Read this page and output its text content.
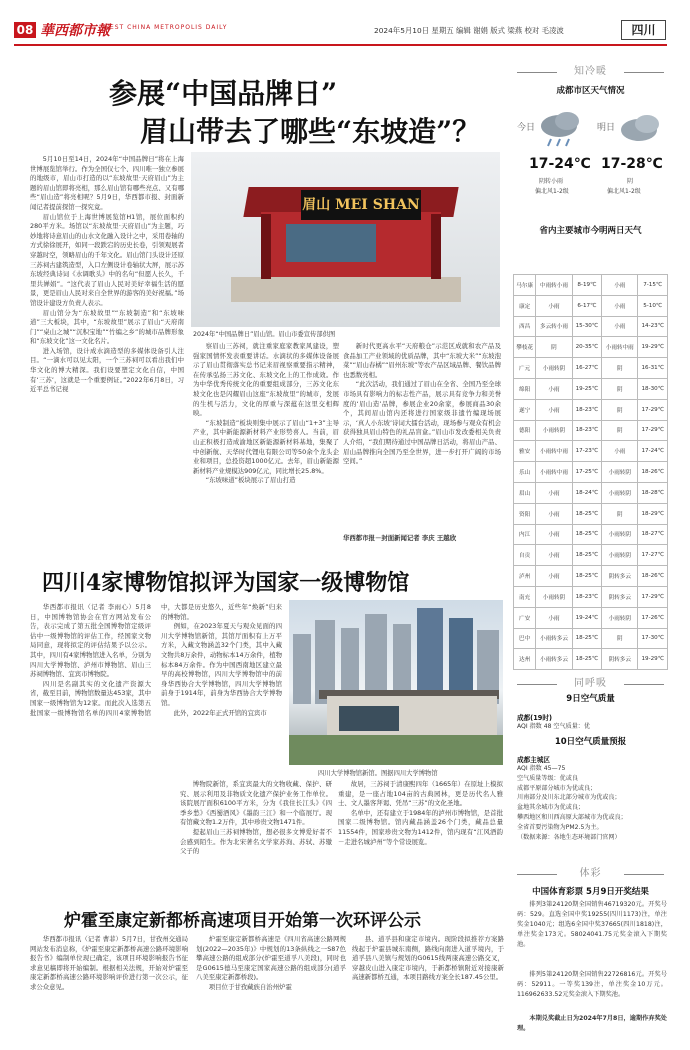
08 華西都市報
WEST CHINA METROPOLIS DAILY	2024年5月10日 星期五 编辑 谢娟 版式 梁燕 校对 毛凌波	四川
参展“中国品牌日”
眉山带去了哪些“东坡造”？

5月10日至14日，2024年“中国品牌日”将在上海世博展览馆举行。作为全国仅七个、四川唯一独立参展的地级市，眉山市打造的以“东坡故里·天府眉山”为主题的眉山馆即将亮相，那么眉山馆有哪些亮点、又有哪些“眉山造”将亮相呢？5月9日，华西都市报、封面新闻记者提前探馆一探究竟。

眉山馆位于上海世博展览馆H1馆，展位面积约280平方米。场馆以“东坡故里·天府眉山”为主题，巧妙地将诗意眉山的山水文化融入设计之中，采用卷轴的方式徐徐展开，如同一段跌宕的历史长卷，引领观展者穿越时空，领略眉山的千年文化。眉山馆门头设计还原三苏祠古建筑造型，入口左侧设计卷轴状大屏，展示苏东坡经典诗词《水调歌头》中的名句“但愿人长久，千里共婵娟”。“这代表了眉山人民对美好幸福生活的愿景，更是眉山人民对来自全世界的游客的美好祝福。”场馆设计建设方负责人表示。

眉山馆分为“东坡故里”“东坡制造”和“东坡味道”三大板块，其中，“东坡故里”展示了眉山“天府南门”“桌山之城”“沉积宝地”“竹编之乡”的城市品牌形象和“东坡文化”这一文化名片。

进入场馆，设计成水滴造型的多媒体设备引人注目。“一滴水可以见太阳，一个三苏祠可以看出我们中华文化的博大精深。我们设要塑定文化自信，中国有‘三苏’，这就是一个重要例证。”2022年6月8日，习近平总书记视

眉山 MEI SHAN
2024年“中国品牌日”眉山馆。眉山市委宣传部供图

察眉山三苏祠，就注重家庭家教家风建设，塑强家国情怀发表重要讲话。水滴状的多媒体设备展示了眉山贯彻落实总书记来眉视察重要指示精神，在传承弘扬三苏文化、东坡文化上的工作成效。作为中华优秀传统文化的重要组成部分，三苏文化东坡文化也是闪耀眉山这座“东坡故里”的城市，发展的生机与活力，文化的厚重与深蕴在这里交相辉映。

“东坡制造”板块则集中展示了眉山“1+3”主导产业，其中新能源新材料产业形势喜人。当前，眉山正积极打造成渝地区新能源新材料基地，集聚了中创新航、天华时代锂电有限公司等50余个龙头企业和项目，总投资超1000亿元。去年，眉山新能源新材料产业规模达909亿元，同比增长25.8%。

“东坡味道”板块展示了眉山打造

新时代更高水平“天府粮仓”示范区成就和农产品及食品加工产业领域的优质品牌，其中“东坡大米”“东坡泡菜”“眉山春橘”“眉州东坡”等农产品区域品牌、餐饮品牌也悉数亮相。

“此次活动，我们通过了眉山在全省、全国乃至全球市场具有影响力的标志性产品，展示具有竞争力和美誉度的‘眉山造’品牌，参展企业20余家，参展商品30余个，其间眉山馆内还将进行国家级非遗竹编现场展示，‘真人小东坡’诗词大擂台活动，现场参与观众有机会获得独具眉山特色的礼品盲盒。”眉山市发改委相关负责人介绍，“我们期待通过中国品牌日活动，将眉山产品、眉山品牌推向全国乃至全世界，进一步打开广阔的市场空间。”

华西都市报－封面新闻记者 李庆 王越欣
四川4家博物馆拟评为国家一级博物馆

华西都市报讯（记者 李雨心）5月8日，中国博物馆协会在官方网站发布公告，表示完成了第五批全国博物馆定级评估中一级博物馆的评估工作，经国家文物局同意，现将拟定的评估结果予以公示。其中，四川有4家博物馆进入名单，分别为四川大学博物馆、泸州市博物馆、眉山三苏祠博物馆、宜宾市博物院。

四川是名副其实的文化遗产资源大省，截至目前，博物馆数量达453家，其中国家一级博物馆为12家。而此次入选第五批国家一级博物馆名单的四川4家博物馆中，大都是历史悠久，近些年“焕新”归来的博物馆。

例如，在2023年夏天与观众见面的四川大学博物馆新馆，其馆厅面积有上万平方米，入藏文物涵盖32个门类，其中入藏文物共8万余件，动物标本14万余件，植物标本84万余件。作为中国西南地区建立最早的高校博物馆，四川大学博物馆中的前身华西协合大学博物馆，四川大学博物馆前身于1914年，前身为华西协合大学博物馆。

此外，2022年正式开馆的宜宾市

四川大学博物馆新馆。图据四川大学博物馆

博物院新馆，系宜宾最大的文物收藏、保护、研究、展示利用及非物质文化遗产保护业务工作单位。该院展厅面积6100平方米，分为《我住长江头》《四季乡愁》《西蜀酒风》《墨韵三江》和一个临展厅。现有馆藏文物1.2万件，其中珍贵文物1471件。

提起眉山三苏祠博物馆，想必很多文博爱好者不会感到陌生。作为北宋著名文学家苏洵、苏轼、苏辙父子的

故居，三苏祠于清康熙四年（1665年）在原址上模拟重建，是一座占地104亩的古典园林，更是历代名人雅士、文人墨客拜谒、凭吊“三苏”的文化圣地。

名单中，还有建立于1984年的泸州市博物馆，是首批国家二级博物馆。馆内藏品涵盖26个门类，藏品总量11554件，国家珍贵文物为1412件，馆内现有“江风酒韵－走进名城泸州”等个常设展览。

炉霍至康定新都桥高速项目开始第一次环评公示

华西都市报讯（记者 曹菲）5月7日，甘孜州交通局网站发布消息称，《炉霍至康定新都桥高速公路环境影响报告书》编制单位现已确定，该项目环境影响报告书征求意见稿即将开始编制。根据相关法规，开始对炉霍至康定新都桥高速公路环境影响评价进行第一次公示，征求公众意见。

炉霍至康定新都桥高速是《四川省高速公路网规划(2022—2035年)》中规划的13条纵线之一S87色攀高速公路的组成部分(炉霍至道孚八美段)，同时也是G0615德马至康定国家高速公路的组成部分(道孚八美至康定新都桥段)。

项目位于甘孜藏族自治州炉霍

县、道孚县和康定市境内。现阶段拟推荐方案路线起于炉霍县城东南侧，路线向南进入道孚境内，于道孚县八美镇与规划的G0615线两康高速公路交叉，穿越皮山进入康定市境内，于新都桥镇附近对接康新高速新都桥互通，本项目路线方案全长187.45公里。

知冷暖
成都市区天气情况
今日
17-24℃
阴转小雨
偏北风1-2级
明日
17-28℃
阴
偏北风1-2级
省内主要城市今明两日天气
马尔康	中雨转小雨	8-19℃	小雨	7-15℃
康定	小雨	6-17℃	小雨	5-10℃
西昌	多云转小雨	15-30℃	小雨	14-23℃
攀枝花	阴	20-35℃	小雨转中雨	19-29℃
广元	小雨转阴	16-27℃	阴	16-31℃
绵阳	小雨	19-25℃	阴	18-30℃
遂宁	小雨	18-23℃	阴	17-29℃
德阳	小雨转阴	18-23℃	阴	17-29℃
雅安	小雨转中雨	17-23℃	小雨	17-24℃
乐山	小雨转中雨	17-25℃	小雨转阴	18-26℃
眉山	小雨	18-24℃	小雨转阴	18-28℃
资阳	小雨	18-25℃	阴	18-29℃
内江	小雨	18-25℃	小雨转阴	18-27℃
自贡	小雨	18-25℃	小雨转阴	17-27℃
泸州	小雨	18-25℃	阴转多云	18-26℃
南充	小雨转阴	18-23℃	阴转多云	17-29℃
广安	小雨	19-24℃	小雨转阴	17-26℃
巴中	小雨转多云	18-25℃	阴	17-30℃
达州	小雨转多云	18-25℃	阴转多云	19-29℃
同呼吸
9日空气质量
成都(19时)
AQI 指数 48 空气质量：优
10日空气质量预报
成都主城区
AQI 指数 45—75
空气质量等级：优或良
成都平原部分城市为优或良；
川南部分及川东北部分城市为优或良；
盆地其余城市为优或良；
攀西地区和川西高原大部城市为优或良；
全省首要污染物为PM2.5为主。
（数据来源：各地生态环境部门官网）
体彩
中国体育彩票 5月9日开奖结果
排列3第24120期全国销售46719320元。开奖号码：529。直选全国中奖19255(四川1173)注，单注奖金1040元；组选6全国中奖37665(四川1818)注，单注奖金173元。58024041.75元奖金滚入下期奖池。
排列5第24120期全国销售22726816元。开奖号码：52911。一等奖139注，单注奖金10万元。116962633.52元奖金滚入下期奖池。
本期兑奖截止日为2024年7月8日，逾期作弃奖处理。
